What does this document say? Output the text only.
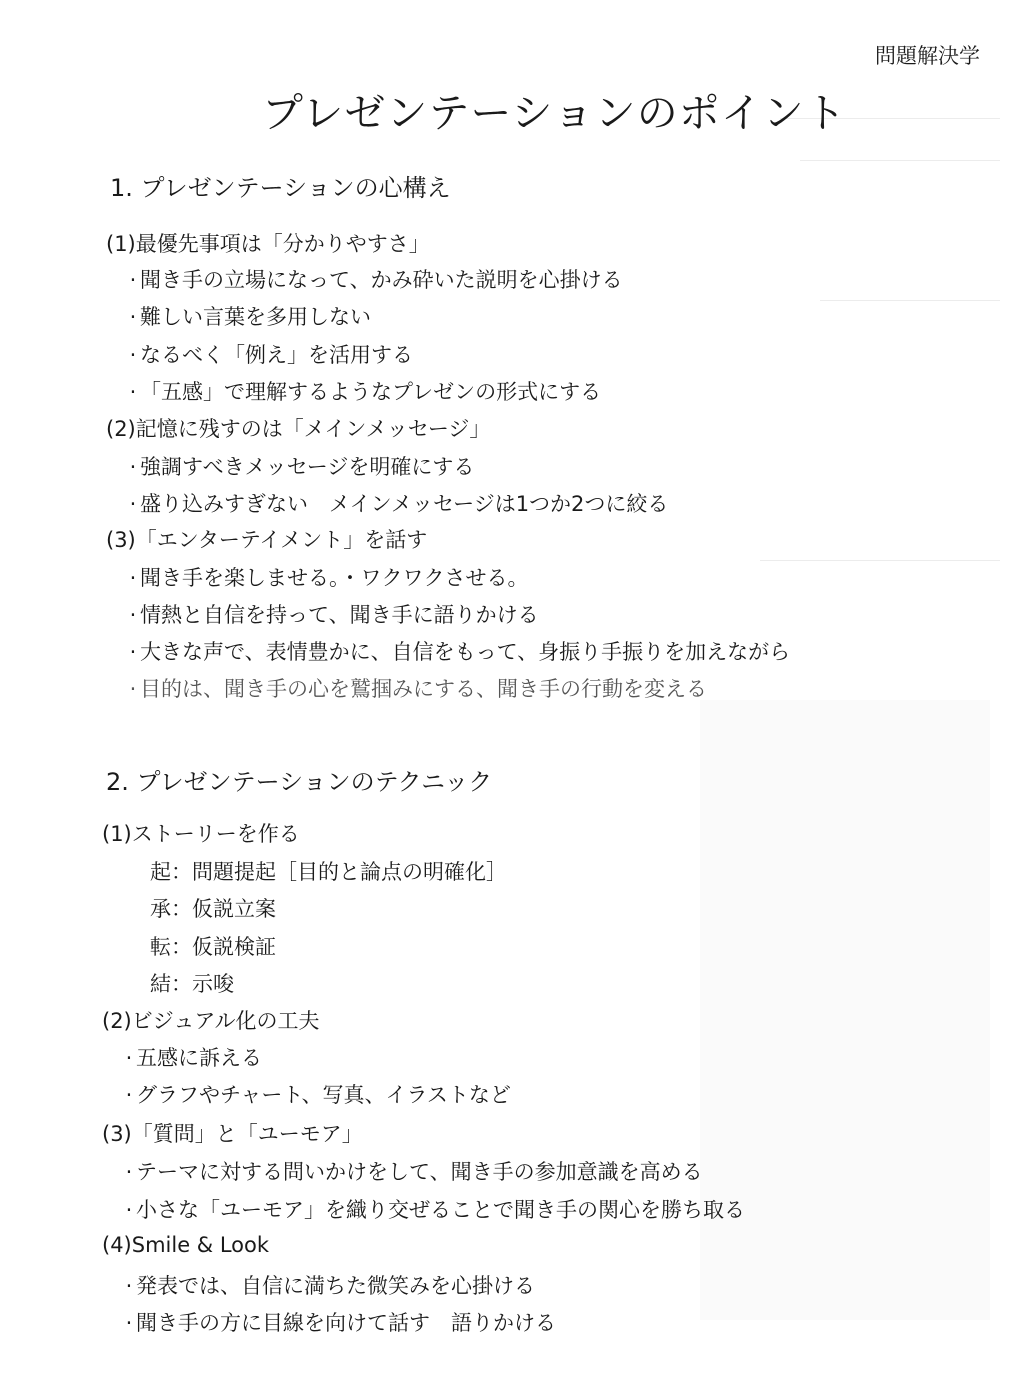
問題解決学
プレゼンテーションのポイント
1. プレゼンテーションの心構え
(1)最優先事項は「分かりやすさ」
· 聞き手の立場になって、かみ砕いた説明を心掛ける
· 難しい言葉を多用しない
· なるべく「例え」を活用する
· 「五感」で理解するようなプレゼンの形式にする
(2)記憶に残すのは「メインメッセージ」
· 強調すべきメッセージを明確にする
· 盛り込みすぎない　メインメッセージは1つか2つに絞る
(3)「エンターテイメント」を話す
· 聞き手を楽しませる。・ワクワクさせる。
· 情熱と自信を持って、聞き手に語りかける
· 大きな声で、表情豊かに、自信をもって、身振り手振りを加えながら
· 目的は、聞き手の心を鷲掴みにする、聞き手の行動を変える
2. プレゼンテーションのテクニック
(1)ストーリーを作る
起：問題提起［目的と論点の明確化］
承：仮説立案
転：仮説検証
結：示唆
(2)ビジュアル化の工夫
· 五感に訴える
· グラフやチャート、写真、イラストなど
(3)「質問」と「ユーモア」
· テーマに対する問いかけをして、聞き手の参加意識を高める
· 小さな「ユーモア」を織り交ぜることで聞き手の関心を勝ち取る
(4)Smile & Look
· 発表では、自信に満ちた微笑みを心掛ける
· 聞き手の方に目線を向けて話す　語りかける
